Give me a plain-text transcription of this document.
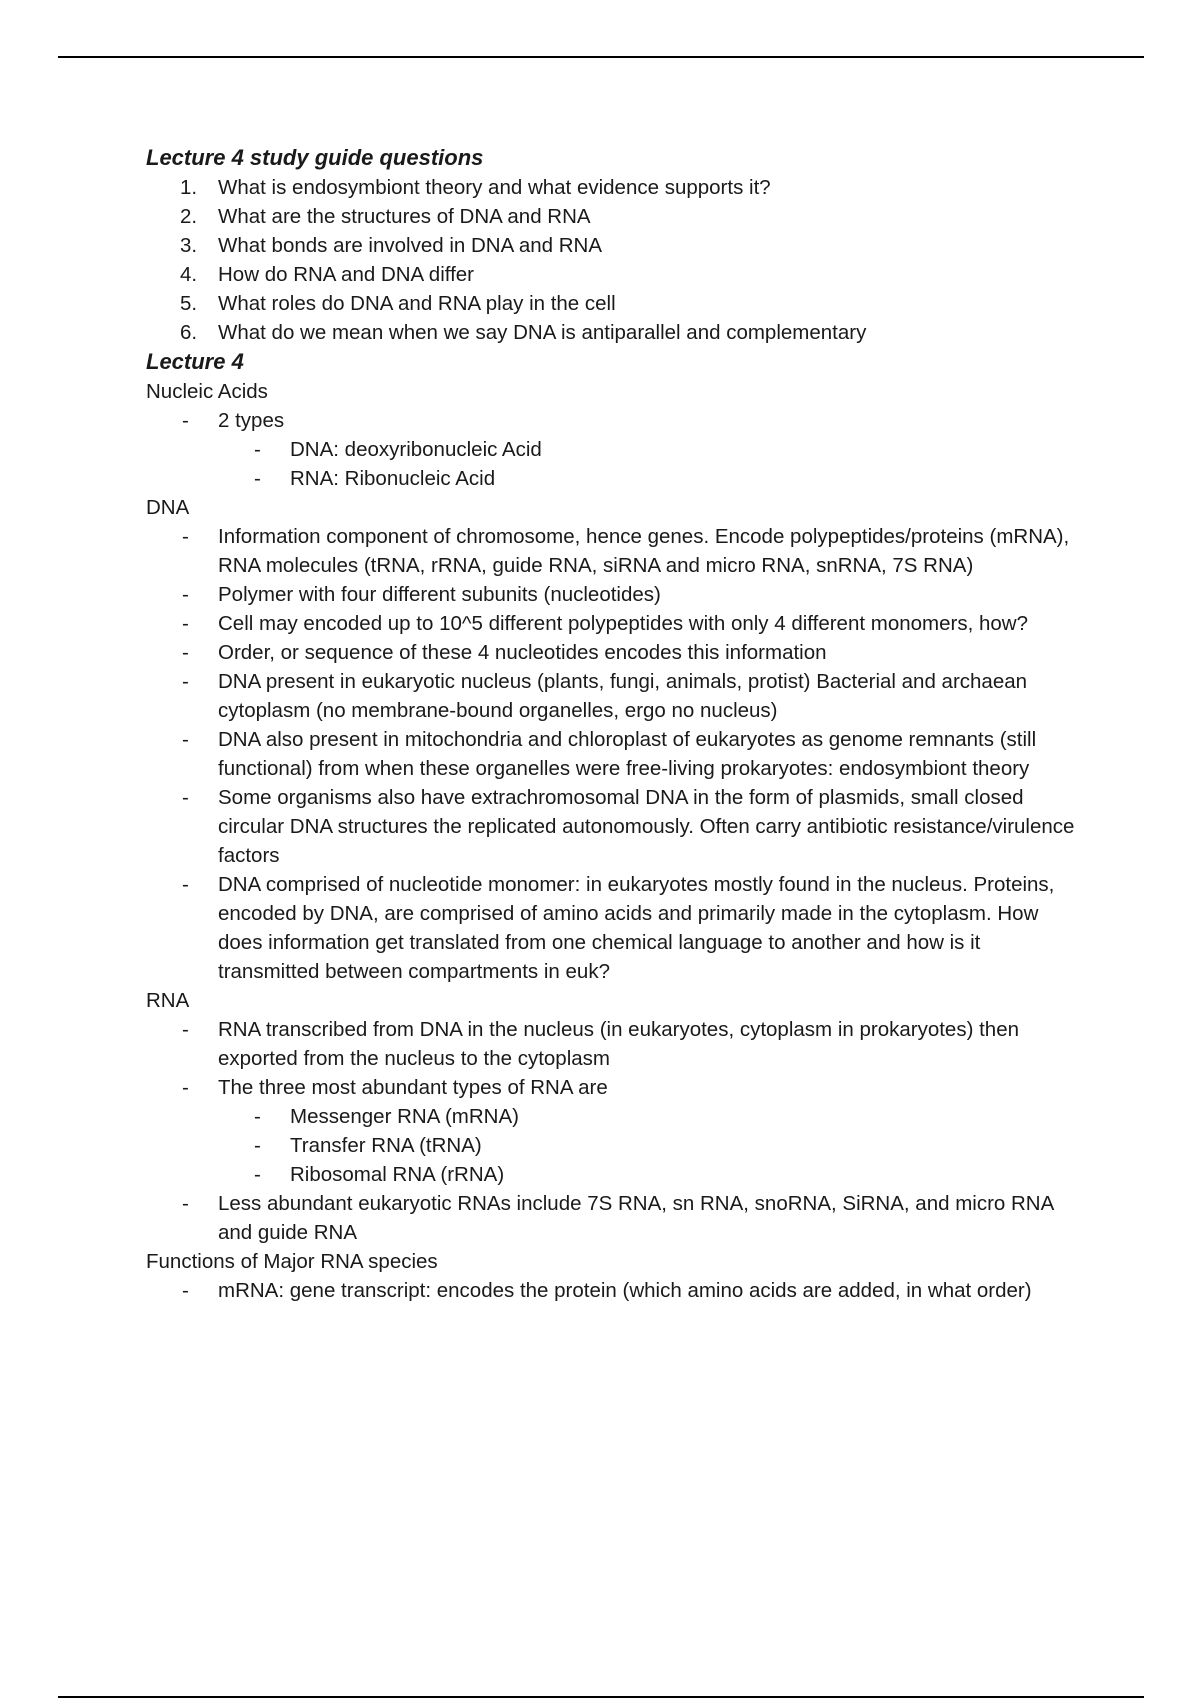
Lecture 4 study guide questions
1.	What is endosymbiont theory and what evidence supports it?
2.	What are the structures of DNA and RNA
3.	What bonds are involved in DNA and RNA
4.	How do RNA and DNA differ
5.	What roles do DNA and RNA play in the cell
6.	What do we mean when we say DNA is antiparallel and complementary
Lecture 4
Nucleic Acids
- 2 types
- DNA: deoxyribonucleic Acid
- RNA: Ribonucleic Acid
DNA
- Information component of chromosome, hence genes. Encode polypeptides/proteins (mRNA), RNA molecules (tRNA, rRNA, guide RNA, siRNA and micro RNA, snRNA, 7S RNA)
- Polymer with four different subunits (nucleotides)
- Cell may encoded up to 10^5 different polypeptides with only 4 different monomers, how?
- Order, or sequence of these 4 nucleotides encodes this information
- DNA present in eukaryotic nucleus (plants, fungi, animals, protist) Bacterial and archaean cytoplasm (no membrane-bound organelles, ergo no nucleus)
- DNA also present in mitochondria and chloroplast of eukaryotes as genome remnants (still functional) from when these organelles were free-living prokaryotes: endosymbiont theory
- Some organisms also have extrachromosomal DNA in the form of plasmids, small closed circular DNA structures the replicated autonomously. Often carry antibiotic resistance/virulence factors
- DNA comprised of nucleotide monomer: in eukaryotes mostly found in the nucleus. Proteins, encoded by DNA, are comprised of amino acids and primarily made in the cytoplasm. How does information get translated from one chemical language to another and how is it transmitted between compartments in euk?
RNA
- RNA transcribed from DNA in the nucleus (in eukaryotes, cytoplasm in prokaryotes) then exported from the nucleus to the cytoplasm
- The three most abundant types of RNA are
- Messenger RNA (mRNA)
- Transfer RNA (tRNA)
- Ribosomal RNA (rRNA)
- Less abundant eukaryotic RNAs include 7S RNA, sn RNA, snoRNA, SiRNA, and micro RNA and guide RNA
Functions of Major RNA species
- mRNA: gene transcript: encodes the protein (which amino acids are added, in what order)
